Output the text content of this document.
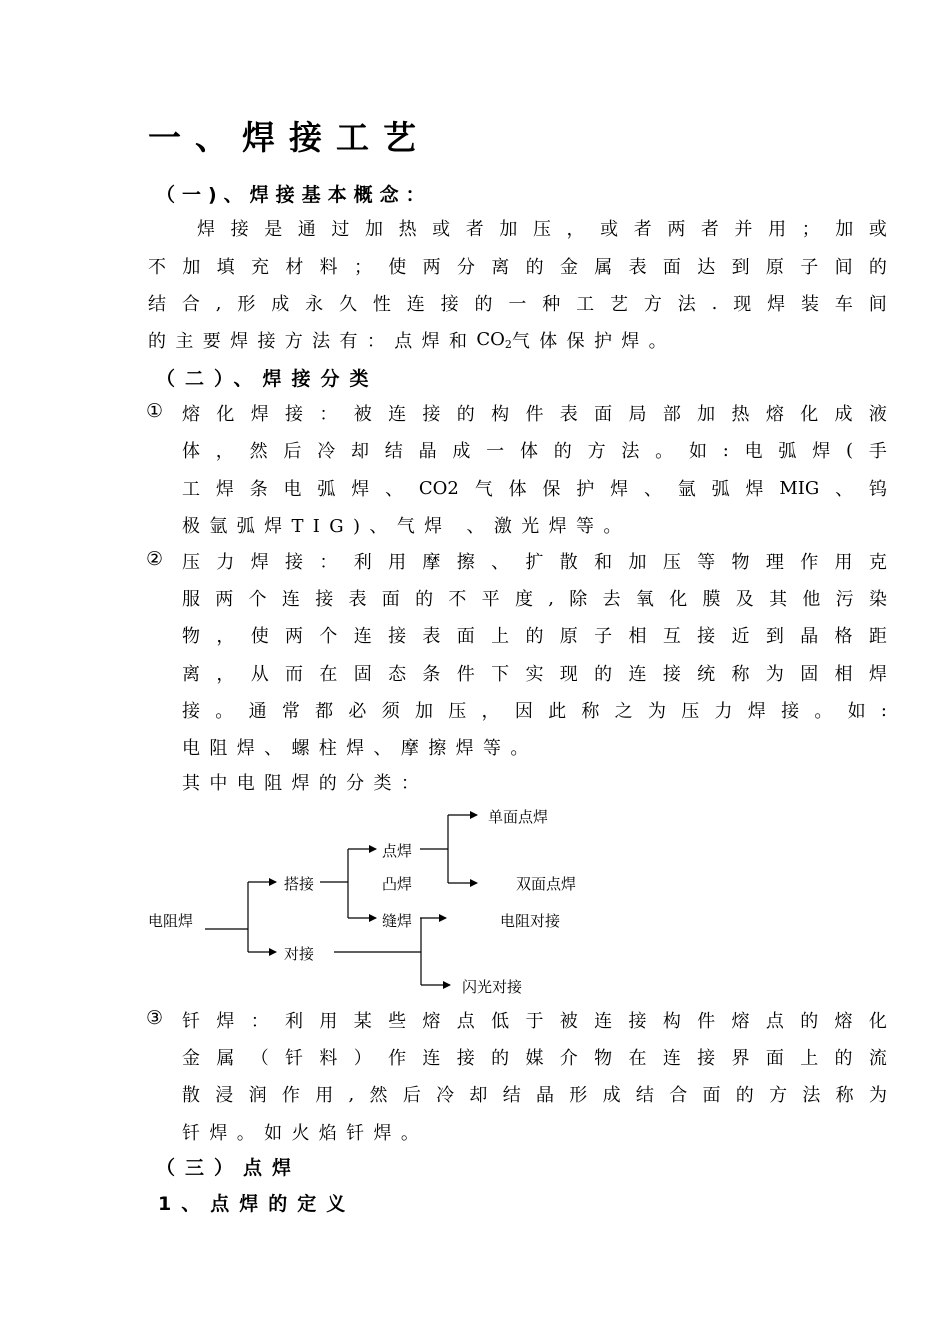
一、焊接工艺
（一)、焊接基本概念：
焊 接 是 通 过 加 热 或 者 加 压 ， 或 者 两 者 并 用 ； 加 或
不 加 填 充 材 料 ； 使 两 分 离 的 金 属 表 面 达 到 原 子 间 的
结 合 , 形 成 永 久 性 连 接 的 一 种 工 艺 方 法 . 现 焊 装 车 间
的主要焊接方法有：点焊和 $CO_2$ 气体保护焊。
（二）、焊接分类
① 熔 化 焊 接 ： 被 连 接 的 构 件 表 面 局 部 加 热 熔 化 成 液
体 ， 然 后 冷 却 结 晶 成 一 体 的 方 法 。 如 : 电 弧 焊 ( 手
工 焊 条 电 弧 焊 、 CO2 气 体 保 护 焊 、 氩 弧 焊 MIG 、 钨
极氩弧焊TIG)、气焊 、激光焊等。
② 压 力 焊 接 ： 利 用 摩 擦 、 扩 散 和 加 压 等 物 理 作 用 克
服 两 个 连 接 表 面 的 不 平 度 , 除 去 氧 化 膜 及 其 他 污 染
物 ， 使 两 个 连 接 表 面 上 的 原 子 相 互 接 近 到 晶 格 距
离 ， 从 而 在 固 态 条 件 下 实 现 的 连 接 统 称 为 固 相 焊
接 。 通 常 都 必 须 加 压 ， 因 此 称 之 为 压 力 焊 接 。 如 :
电阻焊、螺柱焊、摩擦焊等。
其中电阻焊的分类：
电阻焊
搭接
对接
点焊
凸焊
缝焊
单面点焊
双面点焊
电阻对接
闪光对接
③ 钎 焊 ： 利 用 某 些 熔 点 低 于 被 连 接 构 件 熔 点 的 熔 化
金 属 （ 钎 料 ） 作 连 接 的 媒 介 物 在 连 接 界 面 上 的 流
散 浸 润 作 用 , 然 后 冷 却 结 晶 形 成 结 合 面 的 方 法 称 为
钎焊。如火焰钎焊。
（三）点焊
1、点焊的定义
